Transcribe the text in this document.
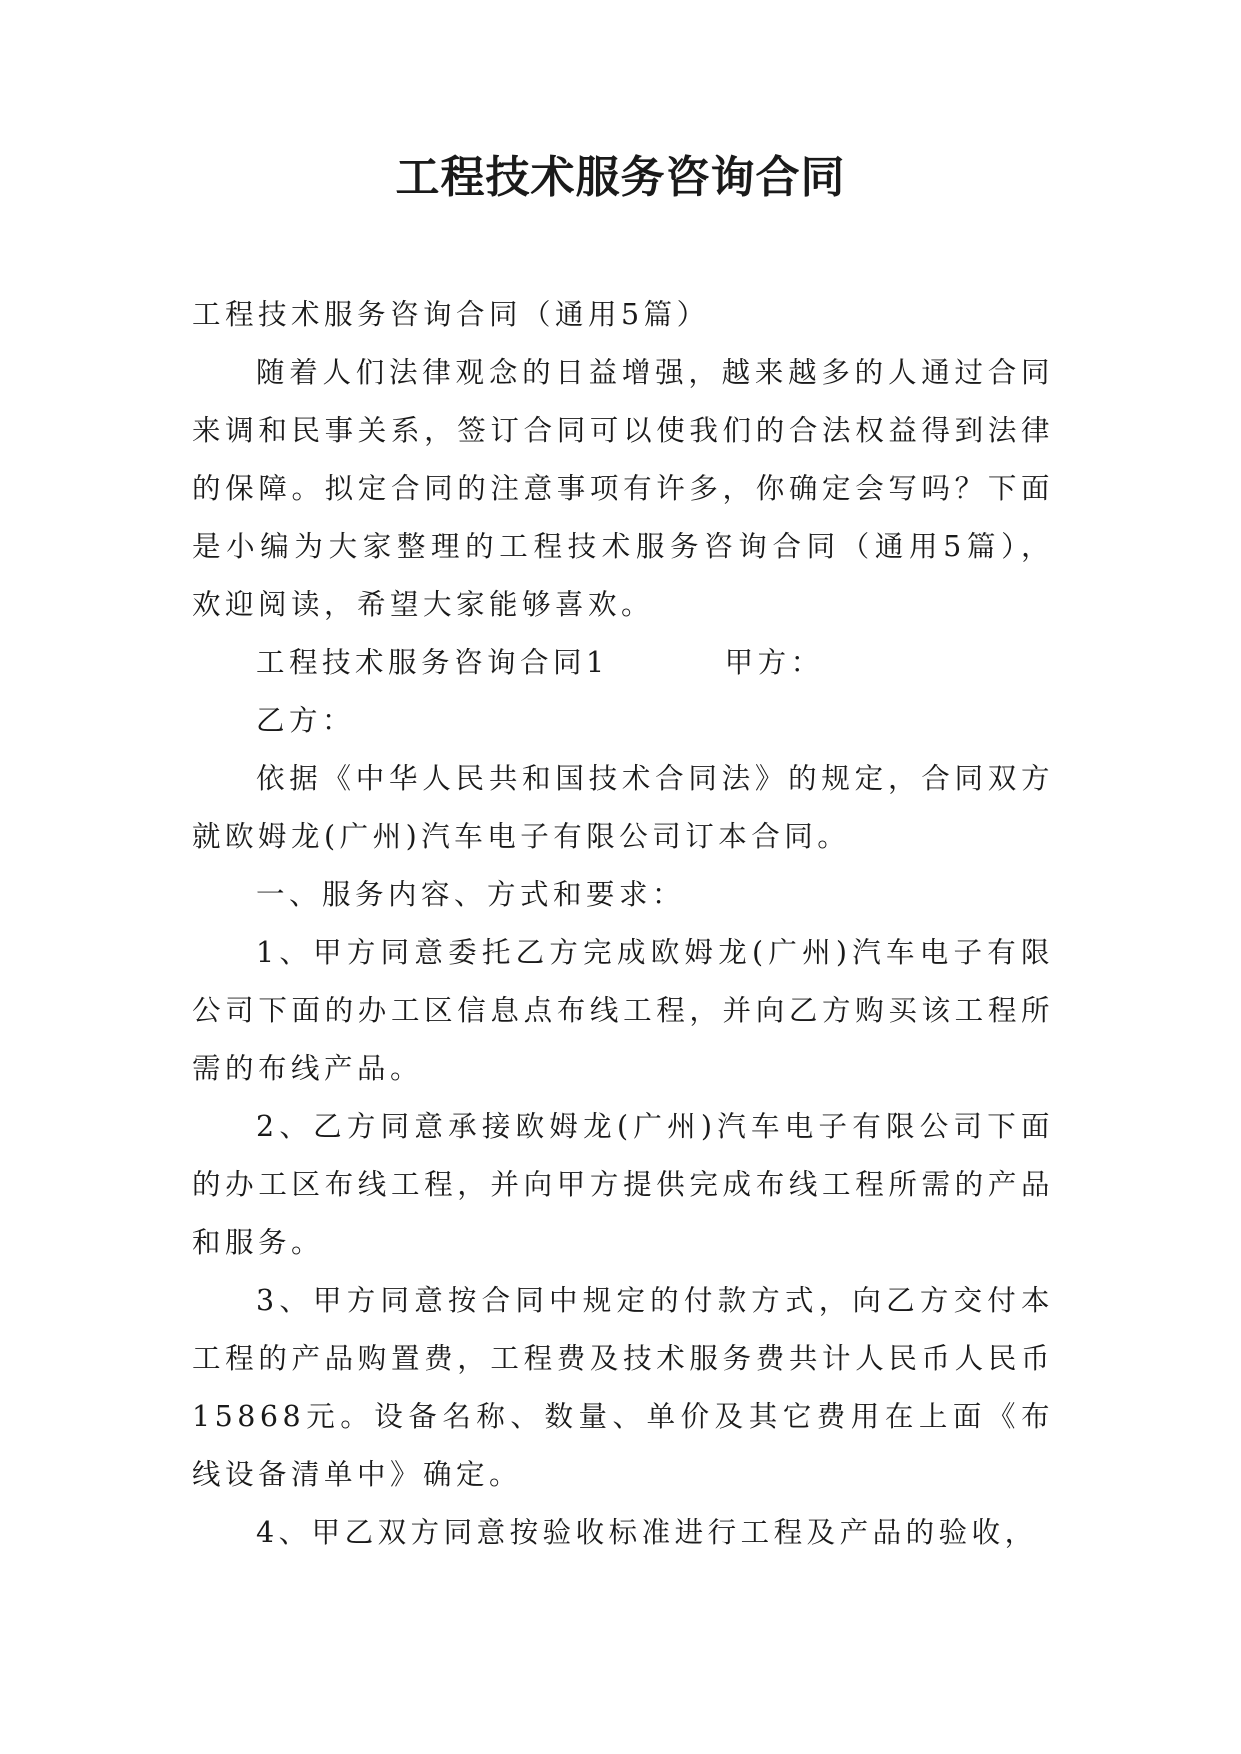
工程技术服务咨询合同

工程技术服务咨询合同（通用5篇）

随着人们法律观念的日益增强，越来越多的人通过合同来调和民事关系，签订合同可以使我们的合法权益得到法律的保障。拟定合同的注意事项有许多，你确定会写吗？下面是小编为大家整理的工程技术服务咨询合同（通用5篇），欢迎阅读，希望大家能够喜欢。

工程技术服务咨询合同1	甲方：

乙方：

依据《中华人民共和国技术合同法》的规定，合同双方就欧姆龙(广州)汽车电子有限公司订本合同。

一、服务内容、方式和要求：

1、甲方同意委托乙方完成欧姆龙(广州)汽车电子有限公司下面的办工区信息点布线工程，并向乙方购买该工程所需的布线产品。

2、乙方同意承接欧姆龙(广州)汽车电子有限公司下面的办工区布线工程，并向甲方提供完成布线工程所需的产品和服务。

3、甲方同意按合同中规定的付款方式，向乙方交付本工程的产品购置费，工程费及技术服务费共计人民币人民币15868元。设备名称、数量、单价及其它费用在上面《布线设备清单中》确定。

4、甲乙双方同意按验收标准进行工程及产品的验收，
